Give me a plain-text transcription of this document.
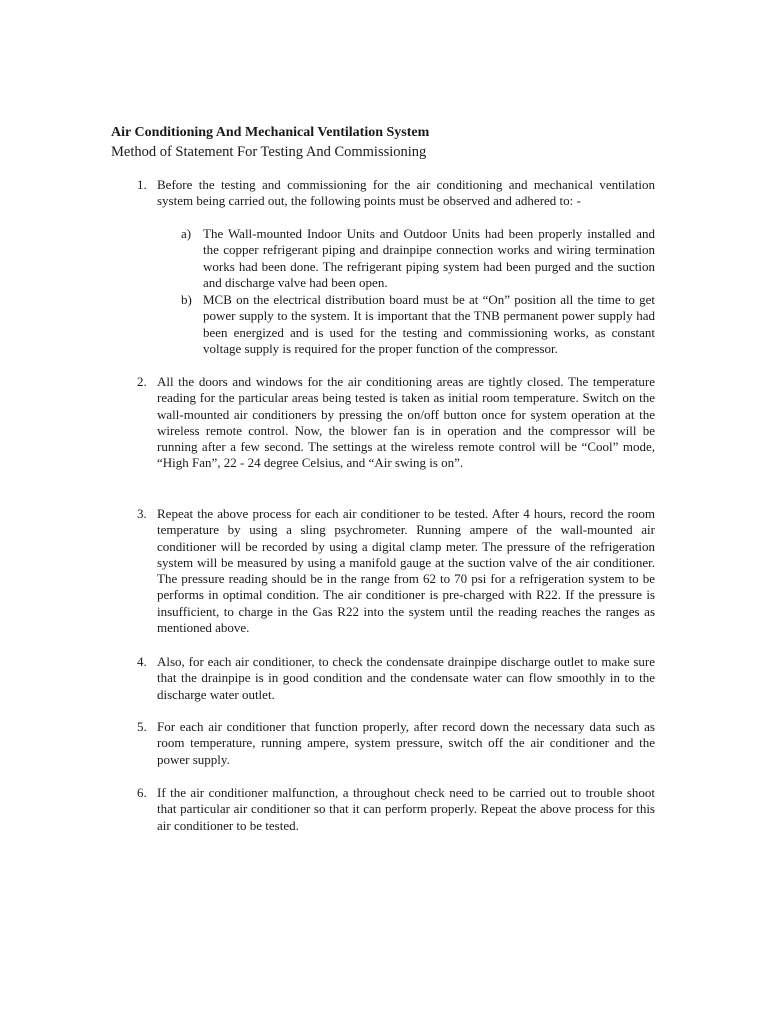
Air Conditioning And Mechanical Ventilation System
Method of Statement For Testing And Commissioning
1. Before the testing and commissioning for the air conditioning and mechanical ventilation system being carried out, the following points must be observed and adhered to: -
a) The Wall-mounted Indoor Units and Outdoor Units had been properly installed and the copper refrigerant piping and drainpipe connection works and wiring termination works had been done. The refrigerant piping system had been purged and the suction and discharge valve had been open.
b) MCB on the electrical distribution board must be at “On” position all the time to get power supply to the system. It is important that the TNB permanent power supply had been energized and is used for the testing and commissioning works, as constant voltage supply is required for the proper function of the compressor.
2. All the doors and windows for the air conditioning areas are tightly closed. The temperature reading for the particular areas being tested is taken as initial room temperature. Switch on the wall-mounted air conditioners by pressing the on/off button once for system operation at the wireless remote control. Now, the blower fan is in operation and the compressor will be running after a few second. The settings at the wireless remote control will be “Cool” mode, “High Fan”, 22 - 24 degree Celsius, and “Air swing is on”.
3. Repeat the above process for each air conditioner to be tested. After 4 hours, record the room temperature by using a sling psychrometer. Running ampere of the wall-mounted air conditioner will be recorded by using a digital clamp meter. The pressure of the refrigeration system will be measured by using a manifold gauge at the suction valve of the air conditioner. The pressure reading should be in the range from 62 to 70 psi for a refrigeration system to be performs in optimal condition. The air conditioner is pre-charged with R22. If the pressure is insufficient, to charge in the Gas R22 into the system until the reading reaches the ranges as mentioned above.
4. Also, for each air conditioner, to check the condensate drainpipe discharge outlet to make sure that the drainpipe is in good condition and the condensate water can flow smoothly in to the discharge water outlet.
5. For each air conditioner that function properly, after record down the necessary data such as room temperature, running ampere, system pressure, switch off the air conditioner and the power supply.
6. If the air conditioner malfunction, a throughout check need to be carried out to trouble shoot that particular air conditioner so that it can perform properly. Repeat the above process for this air conditioner to be tested.
